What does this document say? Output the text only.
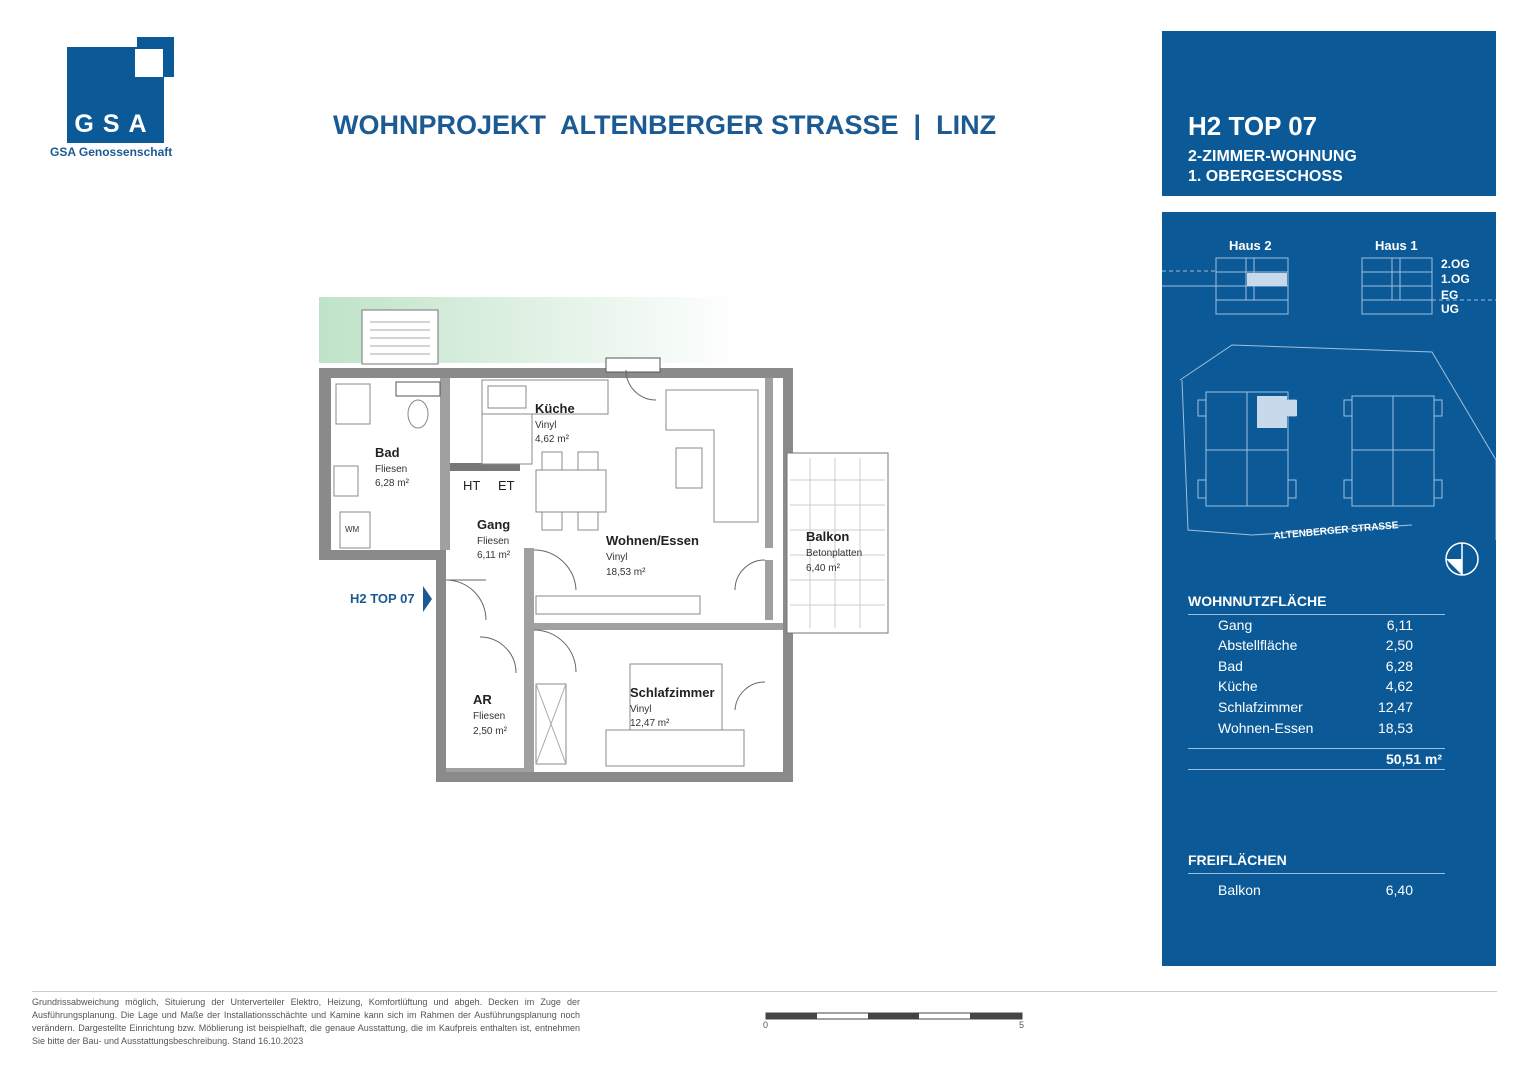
GSA
GSA Genossenschaft
WOHNPROJEKT  ALTENBERGER STRASSE  |  LINZ	H2 TOP 07
2-ZIMMER-WOHNUNG
1. OBERGESCHOSS
Haus 2	Haus 1
2.OG
1.OG
EG
UG
ALTENBERGER STRASSE
WOHNNUTZFLÄCHE
Gang	6,11
Abstellfläche	2,50
Bad	6,28
Küche	4,62
Schlafzimmer	12,47
Wohnen-Essen	18,53
50,51 m²
FREIFLÄCHEN
Balkon	6,40
Bad
Fliesen
6,28 m²
Küche
Vinyl
4,62 m²
HT ET
WM	Gang
Fliesen
6,11 m²
Wohnen/Essen
Vinyl
18,53 m²
Balkon
Betonplatten
6,40 m²
H2 TOP 07
AR
Fliesen
2,50 m²
Schlafzimmer
Vinyl
12,47 m²
Grundrissabweichung möglich, Situierung der Unterverteiler Elektro, Heizung, Komfortlüftung und abgeh. Decken im Zuge der Ausführungsplanung. Die Lage und Maße der Installationsschächte und Kamine kann sich im Rahmen der Ausführungsplanung noch verändern. Dargestellte Einrichtung bzw. Möblierung ist beispielhaft, die genaue Ausstattung, die im Kaufpreis enthalten ist, entnehmen Sie bitte der Bau- und Ausstattungsbeschreibung. Stand 16.10.2023
0	5
